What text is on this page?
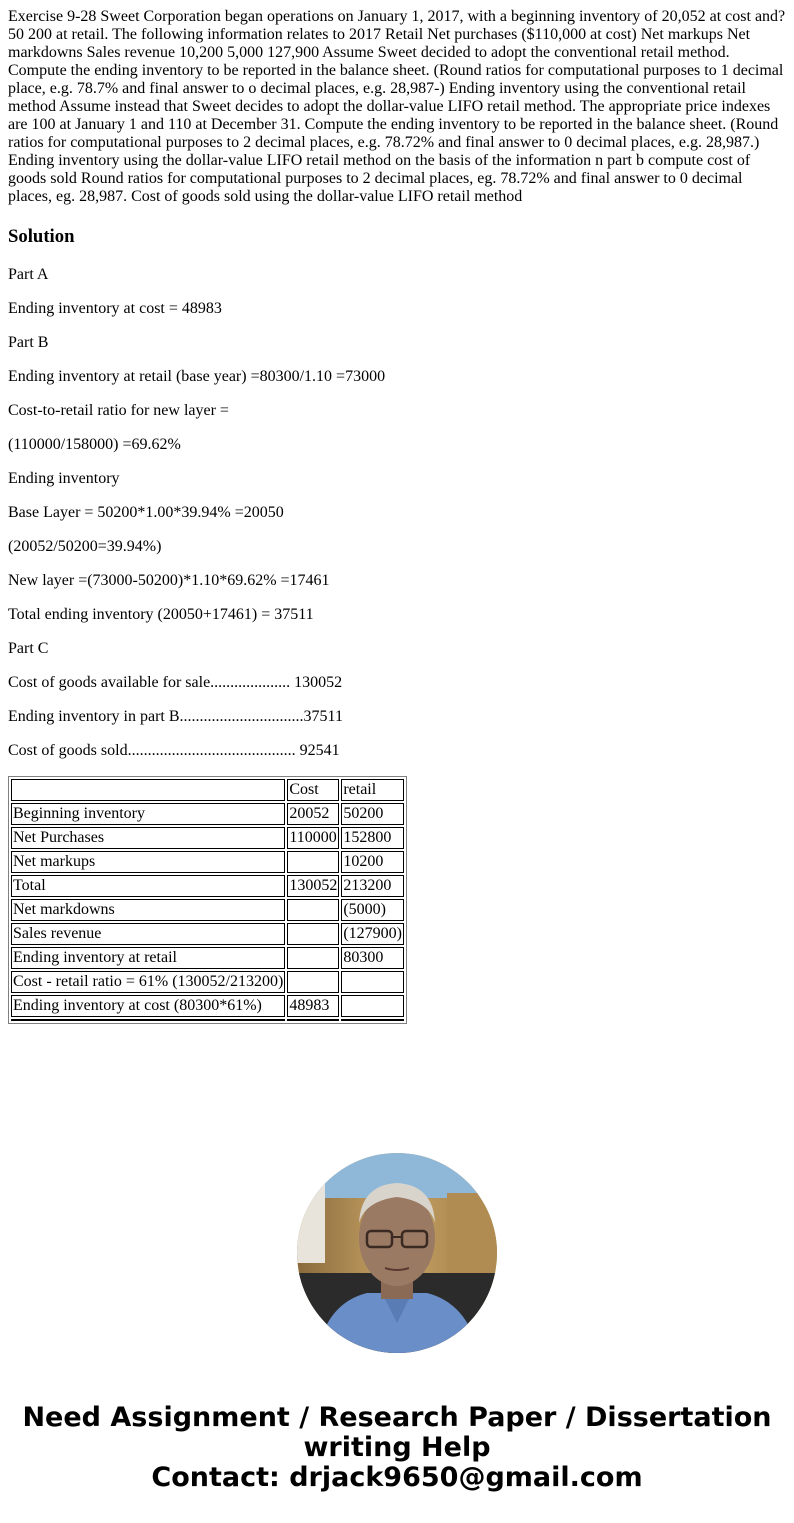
Exercise 9-28 Sweet Corporation began operations on January 1, 2017, with a beginning inventory of 20,052 at cost and? 50 200 at retail. The following information relates to 2017 Retail Net purchases ($110,000 at cost) Net markups Net markdowns Sales revenue 10,200 5,000 127,900 Assume Sweet decided to adopt the conventional retail method. Compute the ending inventory to be reported in the balance sheet. (Round ratios for computational purposes to 1 decimal place, e.g. 78.7% and final answer to o decimal places, e.g. 28,987-) Ending inventory using the conventional retail method Assume instead that Sweet decides to adopt the dollar-value LIFO retail method. The appropriate price indexes are 100 at January 1 and 110 at December 31. Compute the ending inventory to be reported in the balance sheet. (Round ratios for computational purposes to 2 decimal places, e.g. 78.72% and final answer to 0 decimal places, e.g. 28,987.) Ending inventory using the dollar-value LIFO retail method on the basis of the information n part b compute cost of goods sold Round ratios for computational purposes to 2 decimal places, eg. 78.72% and final answer to 0 decimal places, eg. 28,987. Cost of goods sold using the dollar-value LIFO retail method
Solution

Part A

Ending inventory at cost = 48983

Part B

Ending inventory at retail (base year) =80300/1.10 =73000

Cost-to-retail ratio for new layer =

(110000/158000) =69.62%

Ending inventory

Base Layer = 50200*1.00*39.94% =20050

(20052/50200=39.94%)

New layer =(73000-50200)*1.10*69.62% =17461

Total ending inventory (20050+17461) = 37511

Part C

Cost of goods available for sale.................... 130052

Ending inventory in part B...............................37511

Cost of goods sold.......................................... 92541

	Cost	retail
Beginning inventory	20052	50200
Net Purchases	110000	152800
Net markups		10200
Total	130052	213200
Net markdowns		(5000)
Sales revenue		(127900)
Ending inventory at retail		80300
Cost - retail ratio = 61% (130052/213200)		
Ending inventory at cost (80300*61%)	48983	

Need Assignment / Research Paper / Dissertation
writing Help
Contact: drjack9650@gmail.com
